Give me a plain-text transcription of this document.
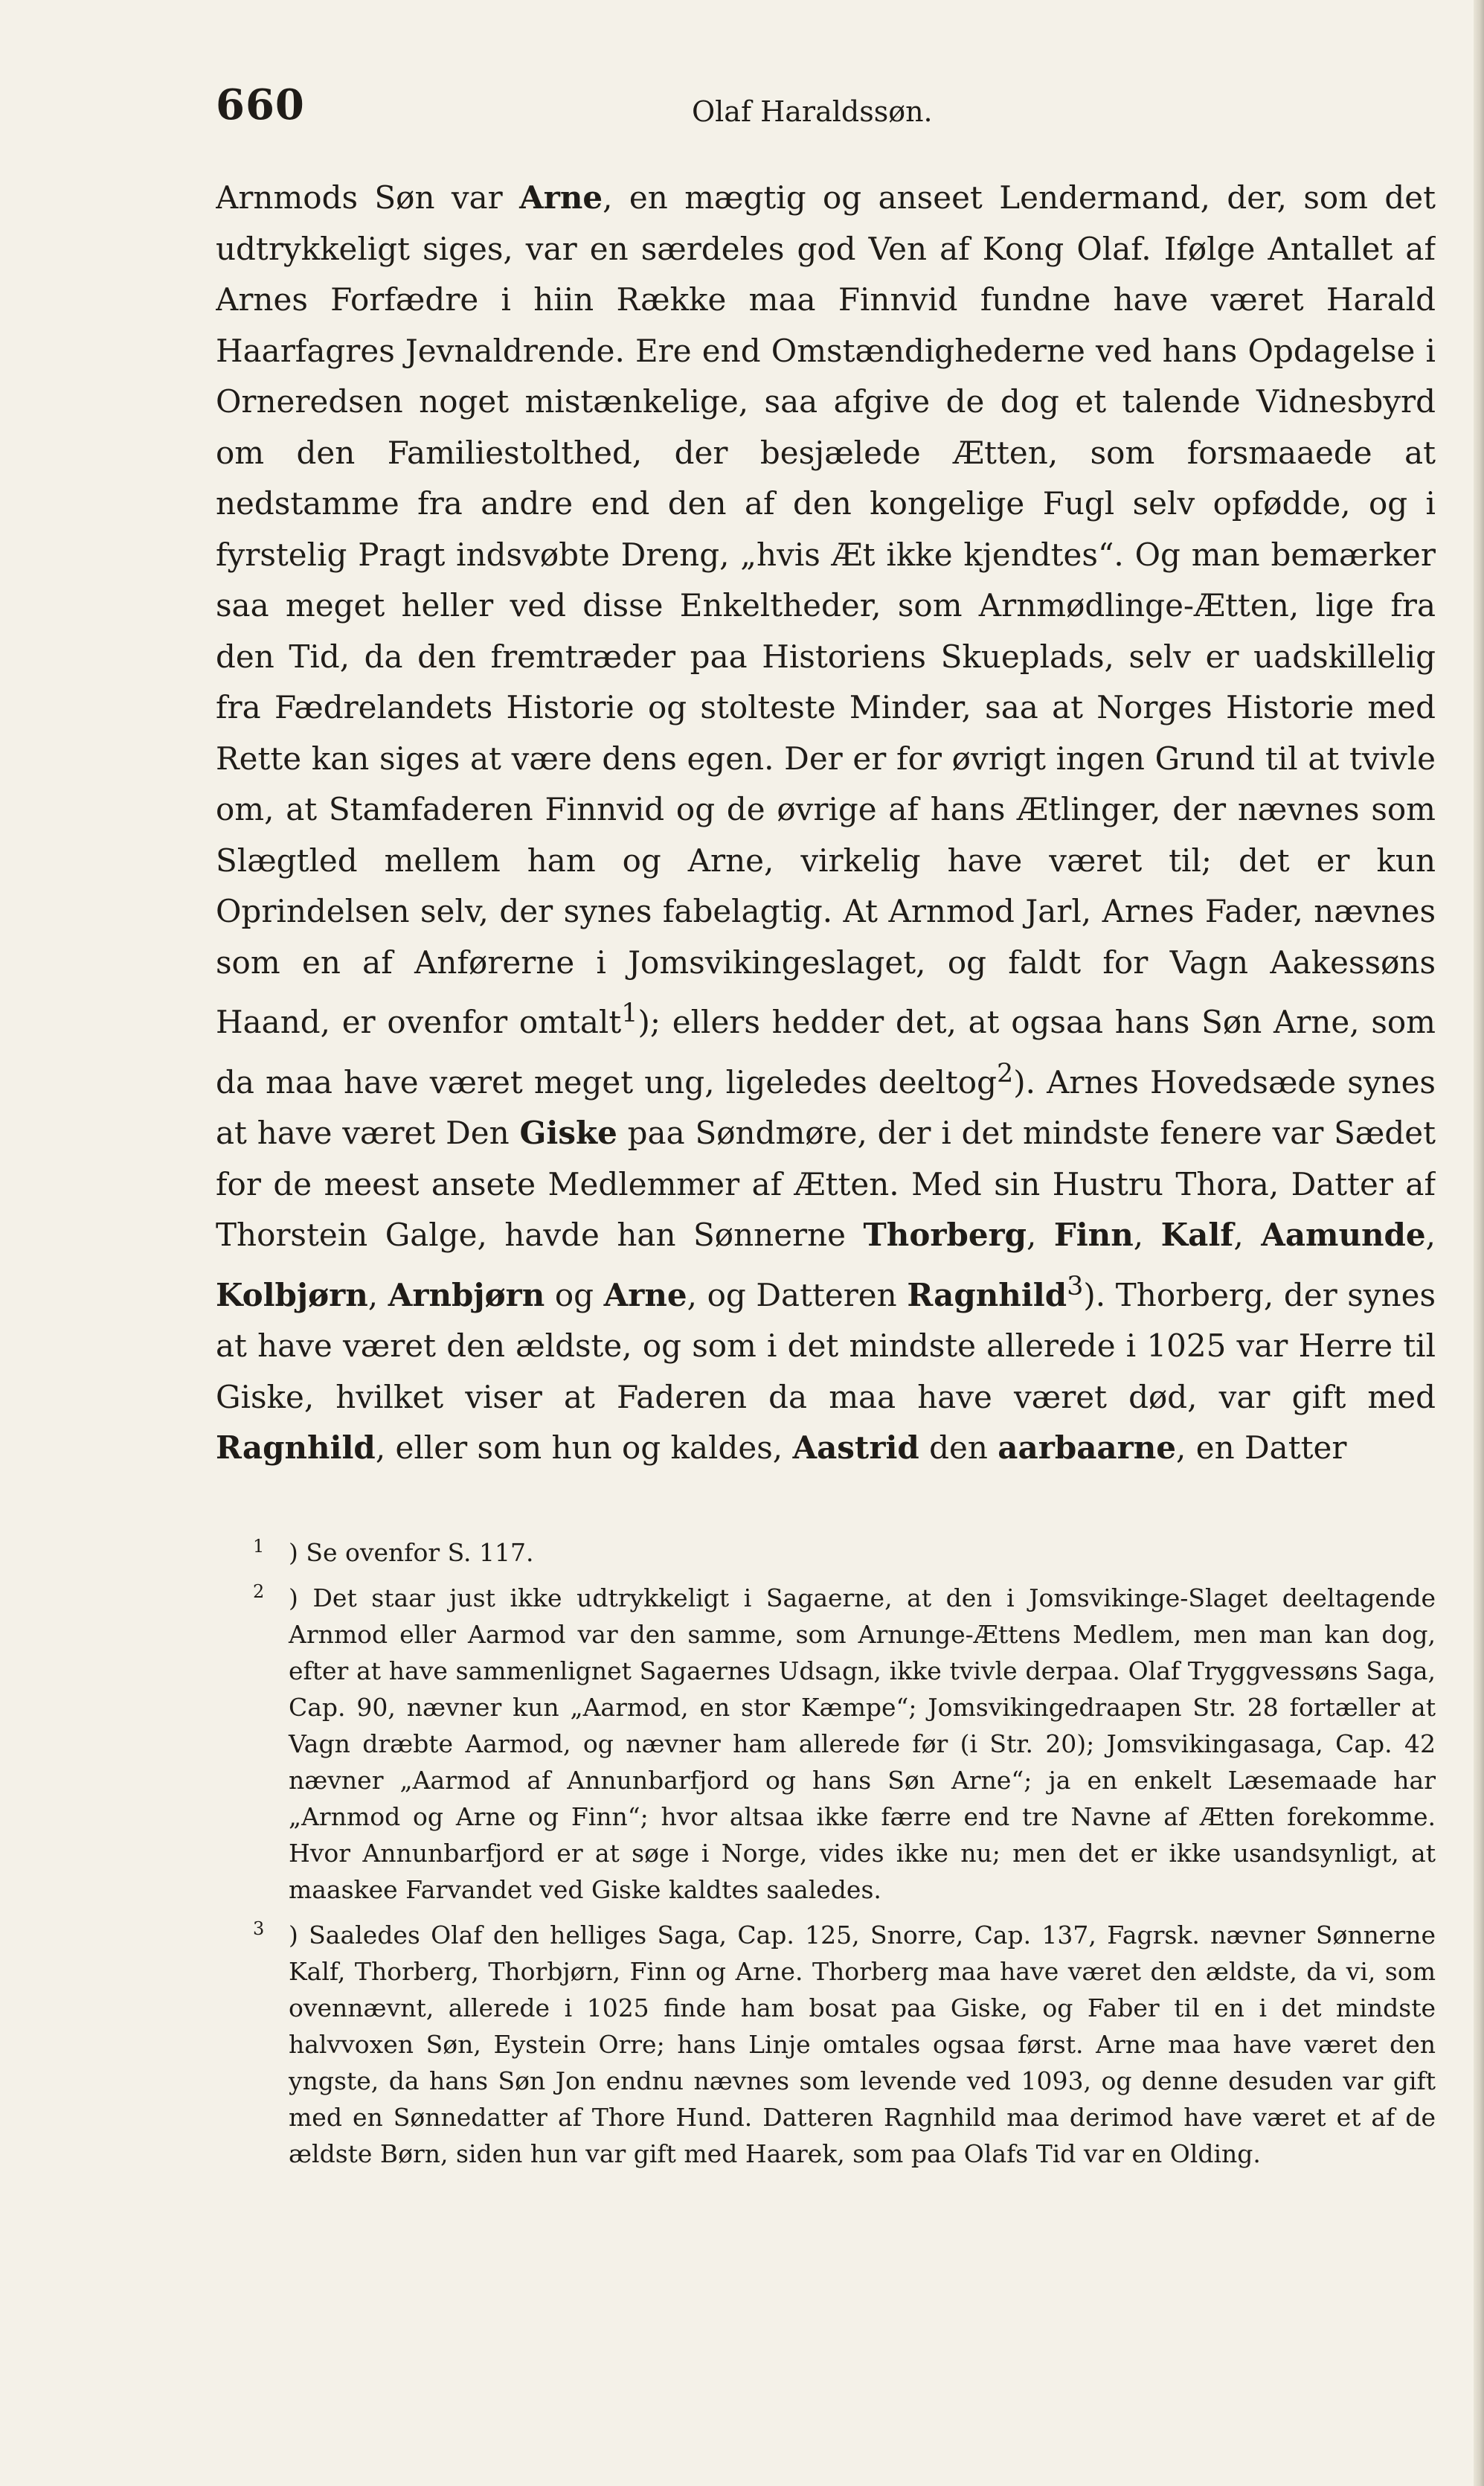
660	Olaf Haraldssøn.

Arnmods Søn var Arne, en mægtig og anseet Lendermand, der, som det udtrykkeligt siges, var en særdeles god Ven af Kong Olaf. Ifølge Antallet af Arnes Forfædre i hiin Række maa Finnvid fundne have været Harald Haarfagres Jevnaldrende. Ere end Omstændighederne ved hans Opdagelse i Orneredsen noget mistænkelige, saa afgive de dog et talende Vidnesbyrd om den Familiestolthed, der besjælede Ætten, som forsmaaede at nedstamme fra andre end den af den kongelige Fugl selv opfødde, og i fyrstelig Pragt indsvøbte Dreng, „hvis Æt ikke kjendtes“. Og man bemærker saa meget heller ved disse Enkeltheder, som Arnmødlinge-Ætten, lige fra den Tid, da den fremtræder paa Historiens Skueplads, selv er uadskillelig fra Fædrelandets Historie og stolteste Minder, saa at Norges Historie med Rette kan siges at være dens egen. Der er for øvrigt ingen Grund til at tvivle om, at Stamfaderen Finnvid og de øvrige af hans Ætlinger, der nævnes som Slægtled mellem ham og Arne, virkelig have været til; det er kun Oprindelsen selv, der synes fabelagtig. At Arnmod Jarl, Arnes Fader, nævnes som en af Anførerne i Jomsvikingeslaget, og faldt for Vagn Aakessøns Haand, er ovenfor omtalt$^1$); ellers hedder det, at ogsaa hans Søn Arne, som da maa have været meget ung, ligeledes deeltog$^2$). Arnes Hovedsæde synes at have været Den Giske paa Søndmøre, der i det mindste fenere var Sædet for de meest ansete Medlemmer af Ætten. Med sin Hustru Thora, Datter af Thorstein Galge, havde han Sønnerne Thorberg, Finn, Kalf, Aamunde, Kolbjørn, Arnbjørn og Arne, og Datteren Ragnhild$^3$). Thorberg, der synes at have været den ældste, og som i det mindste allerede i 1025 var Herre til Giske, hvilket viser at Faderen da maa have været død, var gift med Ragnhild, eller som hun og kaldes, Aastrid den aarbaarne, en Datter

1 ) Se ovenfor S. 117.

2 ) Det staar just ikke udtrykkeligt i Sagaerne, at den i Jomsvikinge-Slaget deeltagende Arnmod eller Aarmod var den samme, som Arnunge-Ættens Medlem, men man kan dog, efter at have sammenlignet Sagaernes Udsagn, ikke tvivle derpaa. Olaf Tryggvessøns Saga, Cap. 90, nævner kun „Aarmod, en stor Kæmpe“; Jomsvikingedraapen Str. 28 fortæller at Vagn dræbte Aarmod, og nævner ham allerede før (i Str. 20); Jomsvikingasaga, Cap. 42 nævner „Aarmod af Annunbarfjord og hans Søn Arne“; ja en enkelt Læsemaade har „Arnmod og Arne og Finn“; hvor altsaa ikke færre end tre Navne af Ætten forekomme. Hvor Annunbarfjord er at søge i Norge, vides ikke nu; men det er ikke usandsynligt, at maaskee Farvandet ved Giske kaldtes saaledes.

3 ) Saaledes Olaf den helliges Saga, Cap. 125, Snorre, Cap. 137, Fagrsk. nævner Sønnerne Kalf, Thorberg, Thorbjørn, Finn og Arne. Thorberg maa have været den ældste, da vi, som ovennævnt, allerede i 1025 finde ham bosat paa Giske, og Faber til en i det mindste halvvoxen Søn, Eystein Orre; hans Linje omtales ogsaa først. Arne maa have været den yngste, da hans Søn Jon endnu nævnes som levende ved 1093, og denne desuden var gift med en Sønnedatter af Thore Hund. Datteren Ragnhild maa derimod have været et af de ældste Børn, siden hun var gift med Haarek, som paa Olafs Tid var en Olding.
